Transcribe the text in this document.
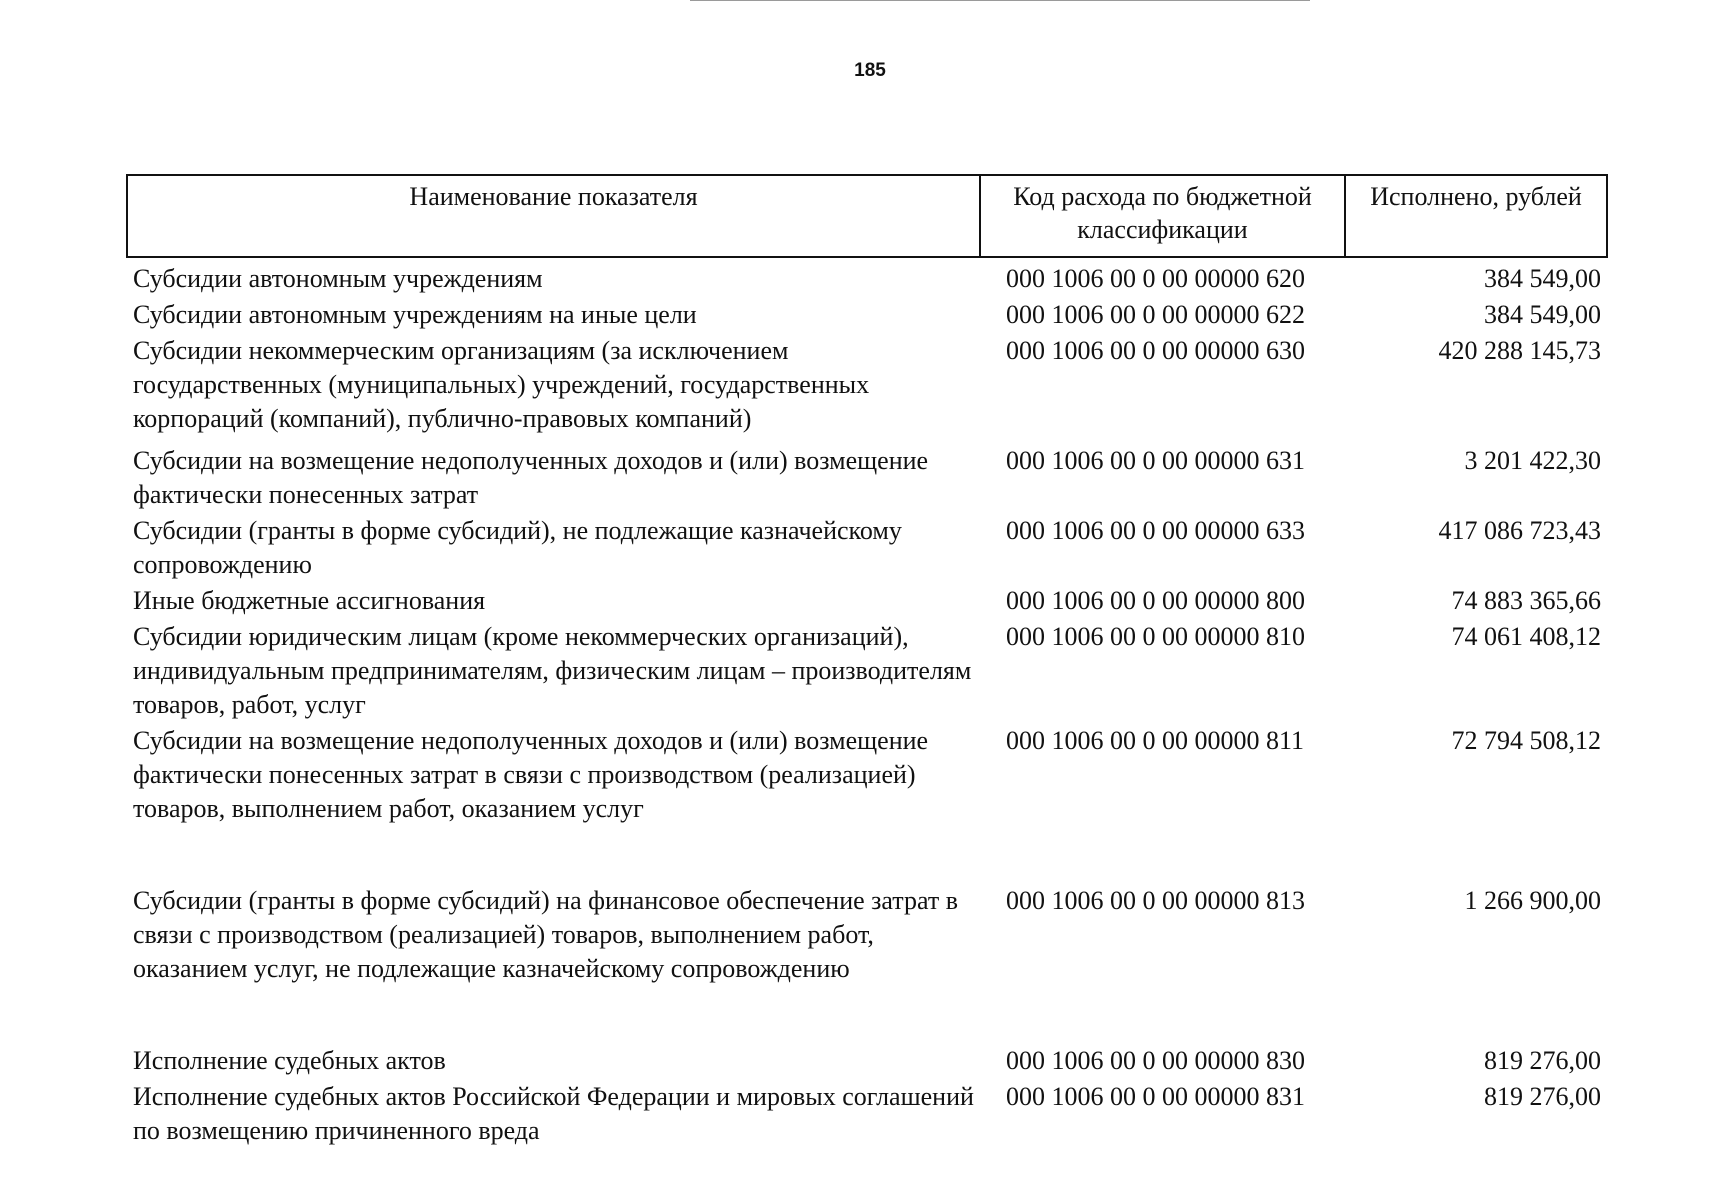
185
Наименование показателя	Код расхода по бюджетной классификации	Исполнено, рублей
Субсидии автономным учреждениям	000 1006 00 0 00 00000 620	384 549,00
Субсидии автономным учреждениям на иные цели	000 1006 00 0 00 00000 622	384 549,00
Субсидии некоммерческим организациям (за исключением государственных (муниципальных) учреждений, государственных корпораций (компаний), публично-правовых компаний)	000 1006 00 0 00 00000 630	420 288 145,73
Субсидии на возмещение недополученных доходов и (или) возмещение фактически понесенных затрат	000 1006 00 0 00 00000 631	3 201 422,30
Субсидии (гранты в форме субсидий), не подлежащие казначейскому сопровождению	000 1006 00 0 00 00000 633	417 086 723,43
Иные бюджетные ассигнования	000 1006 00 0 00 00000 800	74 883 365,66
Субсидии юридическим лицам (кроме некоммерческих организаций), индивидуальным предпринимателям, физическим лицам – производителям товаров, работ, услуг	000 1006 00 0 00 00000 810	74 061 408,12
Субсидии на возмещение недополученных доходов и (или) возмещение фактически понесенных затрат в связи с производством (реализацией) товаров, выполнением работ, оказанием услуг	000 1006 00 0 00 00000 811	72 794 508,12
Субсидии (гранты в форме субсидий) на финансовое обеспечение затрат в связи с производством (реализацией) товаров, выполнением работ, оказанием услуг, не подлежащие казначейскому сопровождению	000 1006 00 0 00 00000 813	1 266 900,00
Исполнение судебных актов	000 1006 00 0 00 00000 830	819 276,00
Исполнение судебных актов Российской Федерации и мировых соглашений по возмещению причиненного вреда	000 1006 00 0 00 00000 831	819 276,00
